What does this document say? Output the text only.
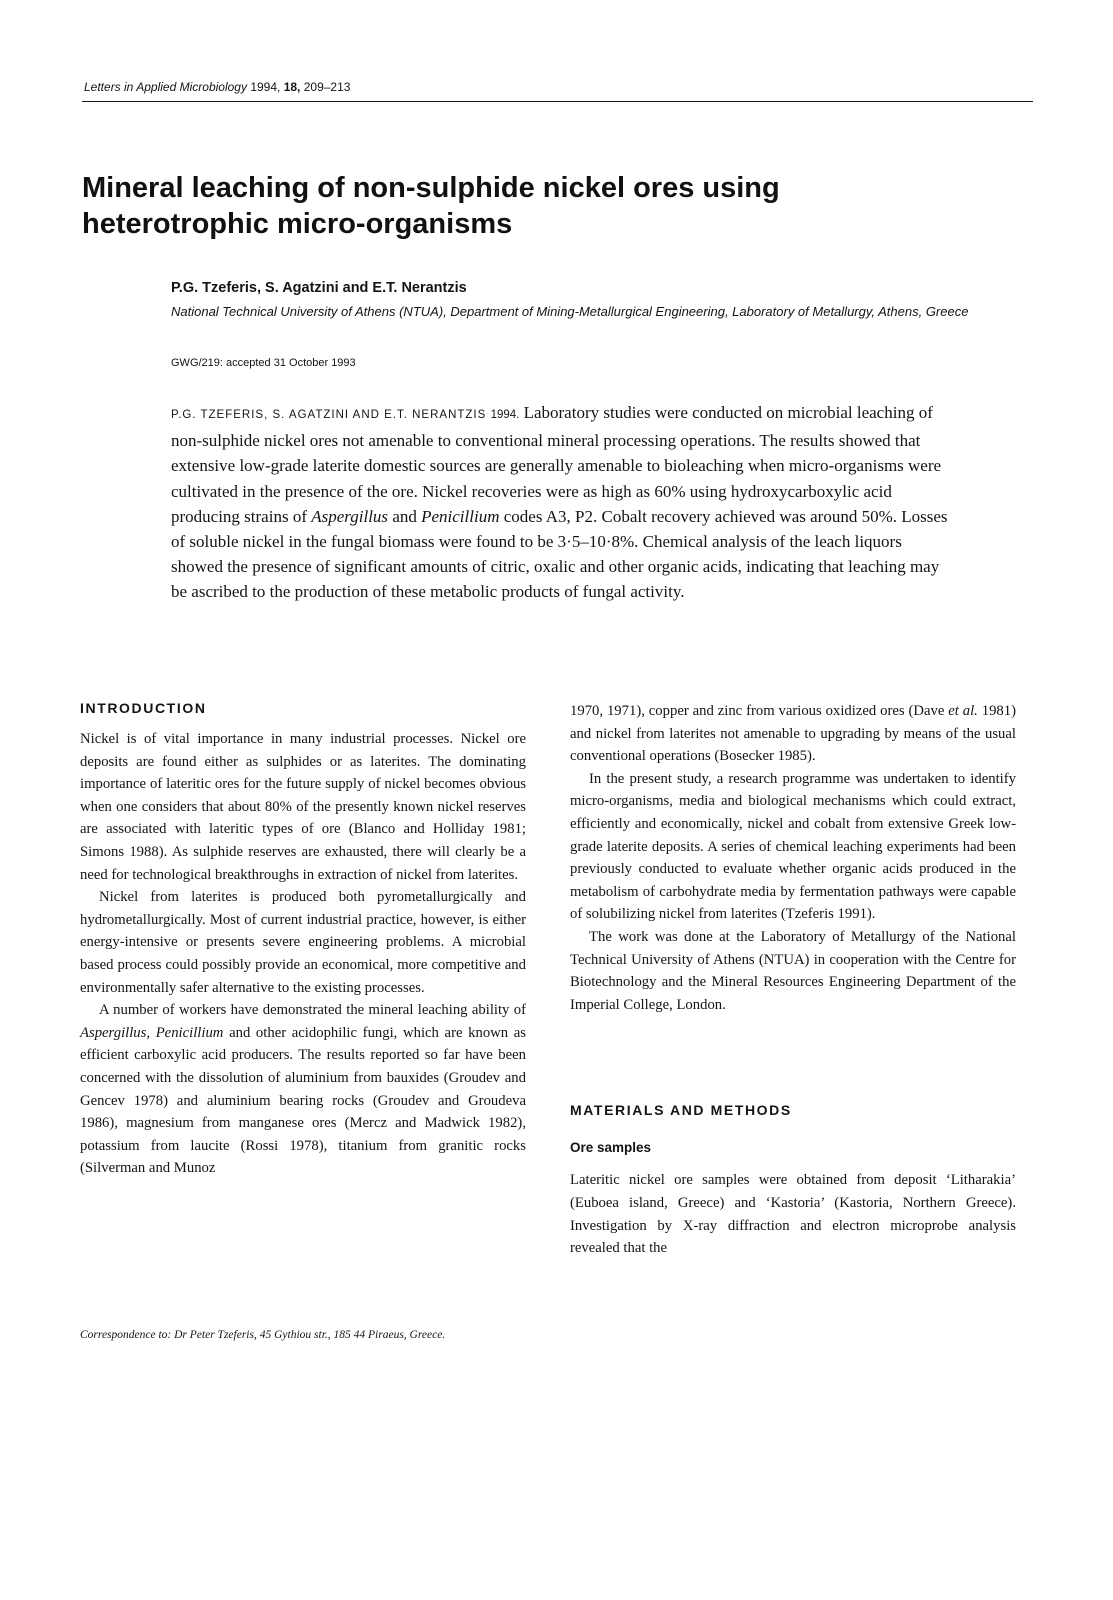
Letters in Applied Microbiology 1994, 18, 209–213
Mineral leaching of non-sulphide nickel ores using heterotrophic micro-organisms
P.G. Tzeferis, S. Agatzini and E.T. Nerantzis
National Technical University of Athens (NTUA), Department of Mining-Metallurgical Engineering, Laboratory of Metallurgy, Athens, Greece
GWG/219: accepted 31 October 1993

P.G. TZEFERIS, S. AGATZINI AND E.T. NERANTZIS 1994. Laboratory studies were conducted on microbial leaching of non-sulphide nickel ores not amenable to conventional mineral processing operations. The results showed that extensive low-grade laterite domestic sources are generally amenable to bioleaching when micro-organisms were cultivated in the presence of the ore. Nickel recoveries were as high as 60% using hydroxycarboxylic acid producing strains of Aspergillus and Penicillium codes A3, P2. Cobalt recovery achieved was around 50%. Losses of soluble nickel in the fungal biomass were found to be 3·5–10·8%. Chemical analysis of the leach liquors showed the presence of significant amounts of citric, oxalic and other organic acids, indicating that leaching may be ascribed to the production of these metabolic products of fungal activity.

INTRODUCTION

Nickel is of vital importance in many industrial processes. Nickel ore deposits are found either as sulphides or as laterites. The dominating importance of lateritic ores for the future supply of nickel becomes obvious when one considers that about 80% of the presently known nickel reserves are associated with lateritic types of ore (Blanco and Holliday 1981; Simons 1988). As sulphide reserves are exhausted, there will clearly be a need for technological breakthroughs in extraction of nickel from laterites.

Nickel from laterites is produced both pyrometallurgically and hydrometallurgically. Most of current industrial practice, however, is either energy-intensive or presents severe engineering problems. A microbial based process could possibly provide an economical, more competitive and environmentally safer alternative to the existing processes.

A number of workers have demonstrated the mineral leaching ability of Aspergillus, Penicillium and other acidophilic fungi, which are known as efficient carboxylic acid producers. The results reported so far have been concerned with the dissolution of aluminium from bauxides (Groudev and Gencev 1978) and aluminium bearing rocks (Groudev and Groudeva 1986), magnesium from manganese ores (Mercz and Madwick 1982), potassium from laucite (Rossi 1978), titanium from granitic rocks (Silverman and Munoz

1970, 1971), copper and zinc from various oxidized ores (Dave et al. 1981) and nickel from laterites not amenable to upgrading by means of the usual conventional operations (Bosecker 1985).

In the present study, a research programme was undertaken to identify micro-organisms, media and biological mechanisms which could extract, efficiently and economically, nickel and cobalt from extensive Greek low-grade laterite deposits. A series of chemical leaching experiments had been previously conducted to evaluate whether organic acids produced in the metabolism of carbohydrate media by fermentation pathways were capable of solubilizing nickel from laterites (Tzeferis 1991).

The work was done at the Laboratory of Metallurgy of the National Technical University of Athens (NTUA) in cooperation with the Centre for Biotechnology and the Mineral Resources Engineering Department of the Imperial College, London.

MATERIALS AND METHODS
Ore samples

Lateritic nickel ore samples were obtained from deposit ‘Litharakia’ (Euboea island, Greece) and ‘Kastoria’ (Kastoria, Northern Greece). Investigation by X-ray diffraction and electron microprobe analysis revealed that the

Correspondence to: Dr Peter Tzeferis, 45 Gythiou str., 185 44 Piraeus, Greece.
